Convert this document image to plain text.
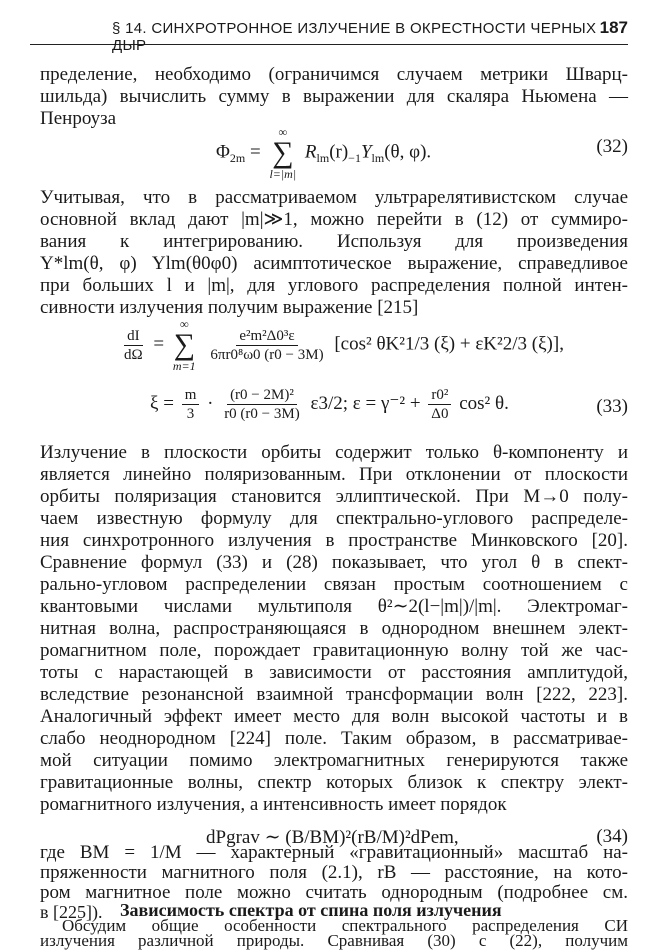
§ 14. СИНХРОТРОННОЕ ИЗЛУЧЕНИЕ В ОКРЕСТНОСТИ ЧЕРНЫХ ДЫР
187
пределение, необходимо (ограничимся случаем метрики Шварц-
шильда) вычислить сумму в выражении для скаляра Ньюмена —
Пенроуза
$\Phi_{2m}$ =
∞
∑
l=|m|
$R_{lm}(r)_{-1}Y_{lm}(\theta$, φ).	(32)
Учитывая, что в рассматриваемом ультрарелятивистском случае
основной вклад дают |m|≫1, можно перейти в (12) от суммиро-
вания к интегрированию. Используя для произведения
Y*lm(θ, φ) Ylm(θ0φ0) асимптотическое выражение, справедливое
при больших l и |m|, для углового распределения полной интен-
сивности излучения получим выражение [215]
$\frac{dI}{d\Omega}$ =
∞
∑
m=1

$\frac{\text{e²m²Δ0³ε}}{\text{6πr0⁸ω0 (r0 − 3M)}} [\cos^2$ θK²1/3 (ξ) + εK²2/3 (ξ)],
$\xi = \frac{m}{3} \cdot \frac{\text{(r0 − 2M)²}}{r0 (r0 - 3M)} \varepsilon 3/2$; $\varepsilon = \gamma^{-2} + \frac{\text{r0²}}{\Delta 0} \cos^2$ θ.	(33)
Излучение в плоскости орбиты содержит только θ-компоненту и
является линейно поляризованным. При отклонении от плоскости
орбиты поляризация становится эллиптической. При M→0 полу-
чаем известную формулу для спектрально-углового распределе-
ния синхротронного излучения в пространстве Минковского [20].
Сравнение формул (33) и (28) показывает, что угол θ в спект-
рально-угловом распределении связан простым соотношением с
квантовыми числами мультиполя θ²∼2(l−|m|)/|m|. Электромаг-
нитная волна, распространяющаяся в однородном внешнем элект-
ромагнитном поле, порождает гравитационную волну той же час-
тоты с нарастающей в зависимости от расстояния амплитудой,
вследствие резонансной взаимной трансформации волн [222, 223].
Аналогичный эффект имеет место для волн высокой частоты и в
слабо неоднородном [224] поле. Таким образом, в рассматривае-
мой ситуации помимо электромагнитных генерируются также
гравитационные волны, спектр которых близок к спектру элект-
ромагнитного излучения, а интенсивность имеет порядок
dPgrav ∼ (B/BM)²(rB/M)²dPem,	(34)
где BM = 1/M — характерный «гравитационный» масштаб на-
пряженности магнитного поля (2.1), rB — расстояние, на кото-
ром магнитное поле можно считать однородным (подробнее см.
в [225]). Зависимость спектра от спина поля излучения
Обсудим общие особенности спектрального распределения СИ
излучения различной природы. Сравнивая (30) с (22), получим
